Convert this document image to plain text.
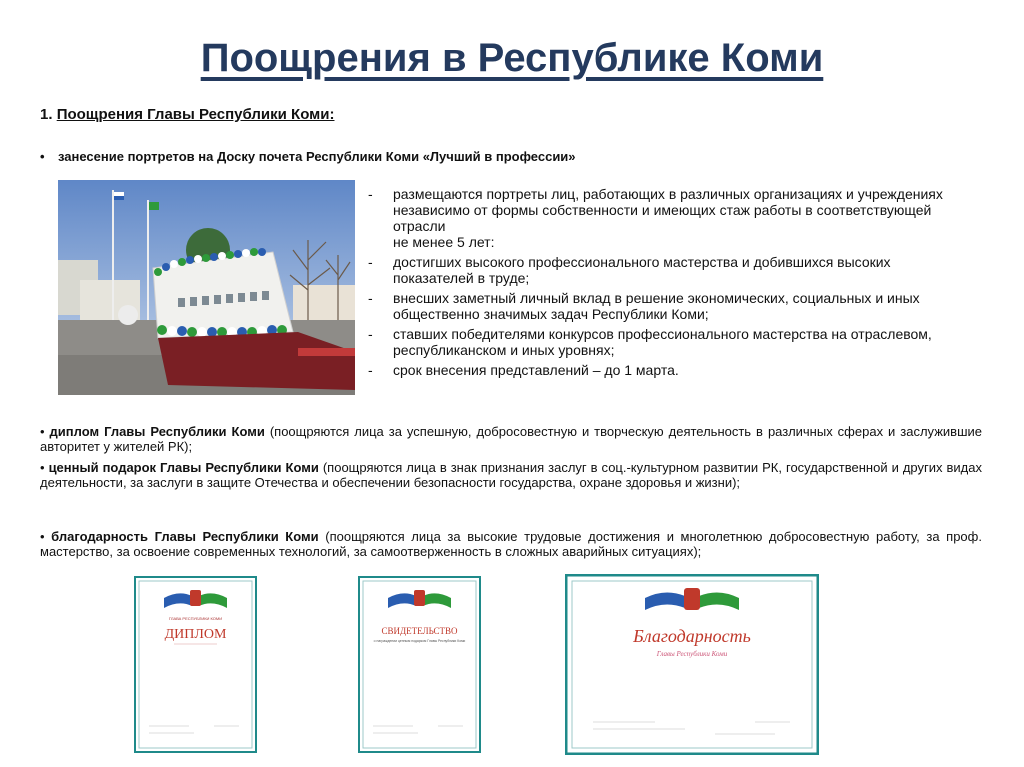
Поощрения в Республике Коми
1. Поощрения Главы Республики Коми:
• занесение портретов на Доску почета Республики Коми «Лучший в профессии»
- размещаются портреты лиц, работающих в различных организациях и учреждениях независимо от формы собственности и имеющих стаж работы в соответствующей отрасли
не менее 5 лет:
- достигших высокого профессионального мастерства и добившихся высоких показателей в труде;
- внесших заметный личный вклад в решение экономических, социальных и иных общественно значимых задач Республики Коми;
- ставших победителями конкурсов профессионального мастерства на отраслевом, республиканском и иных уровнях;
- срок внесения представлений – до 1 марта.
• диплом Главы Республики Коми (поощряются лица за успешную, добросовестную и творческую деятельность в различных сферах и заслужившие авторитет у жителей РК);
• ценный подарок Главы Республики Коми (поощряются лица в знак признания заслуг в соц.-культурном развитии РК, государственной и других видах деятельности, за заслуги в защите Отечества и обеспечении безопасности государства, охране здоровья и жизни);
• благодарность Главы Республики Коми (поощряются лица за высокие трудовые достижения и многолетнюю добросовестную работу, за проф. мастерство, за освоение современных технологий, за самоотверженность в сложных аварийных ситуациях);
ГЛАВА РЕСПУБЛИКИ КОМИ
ДИПЛОМ	СВИДЕТЕЛЬСТВО
о награждении ценным подарком Главы Республики Коми	Благодарность
Главы Республики Коми
